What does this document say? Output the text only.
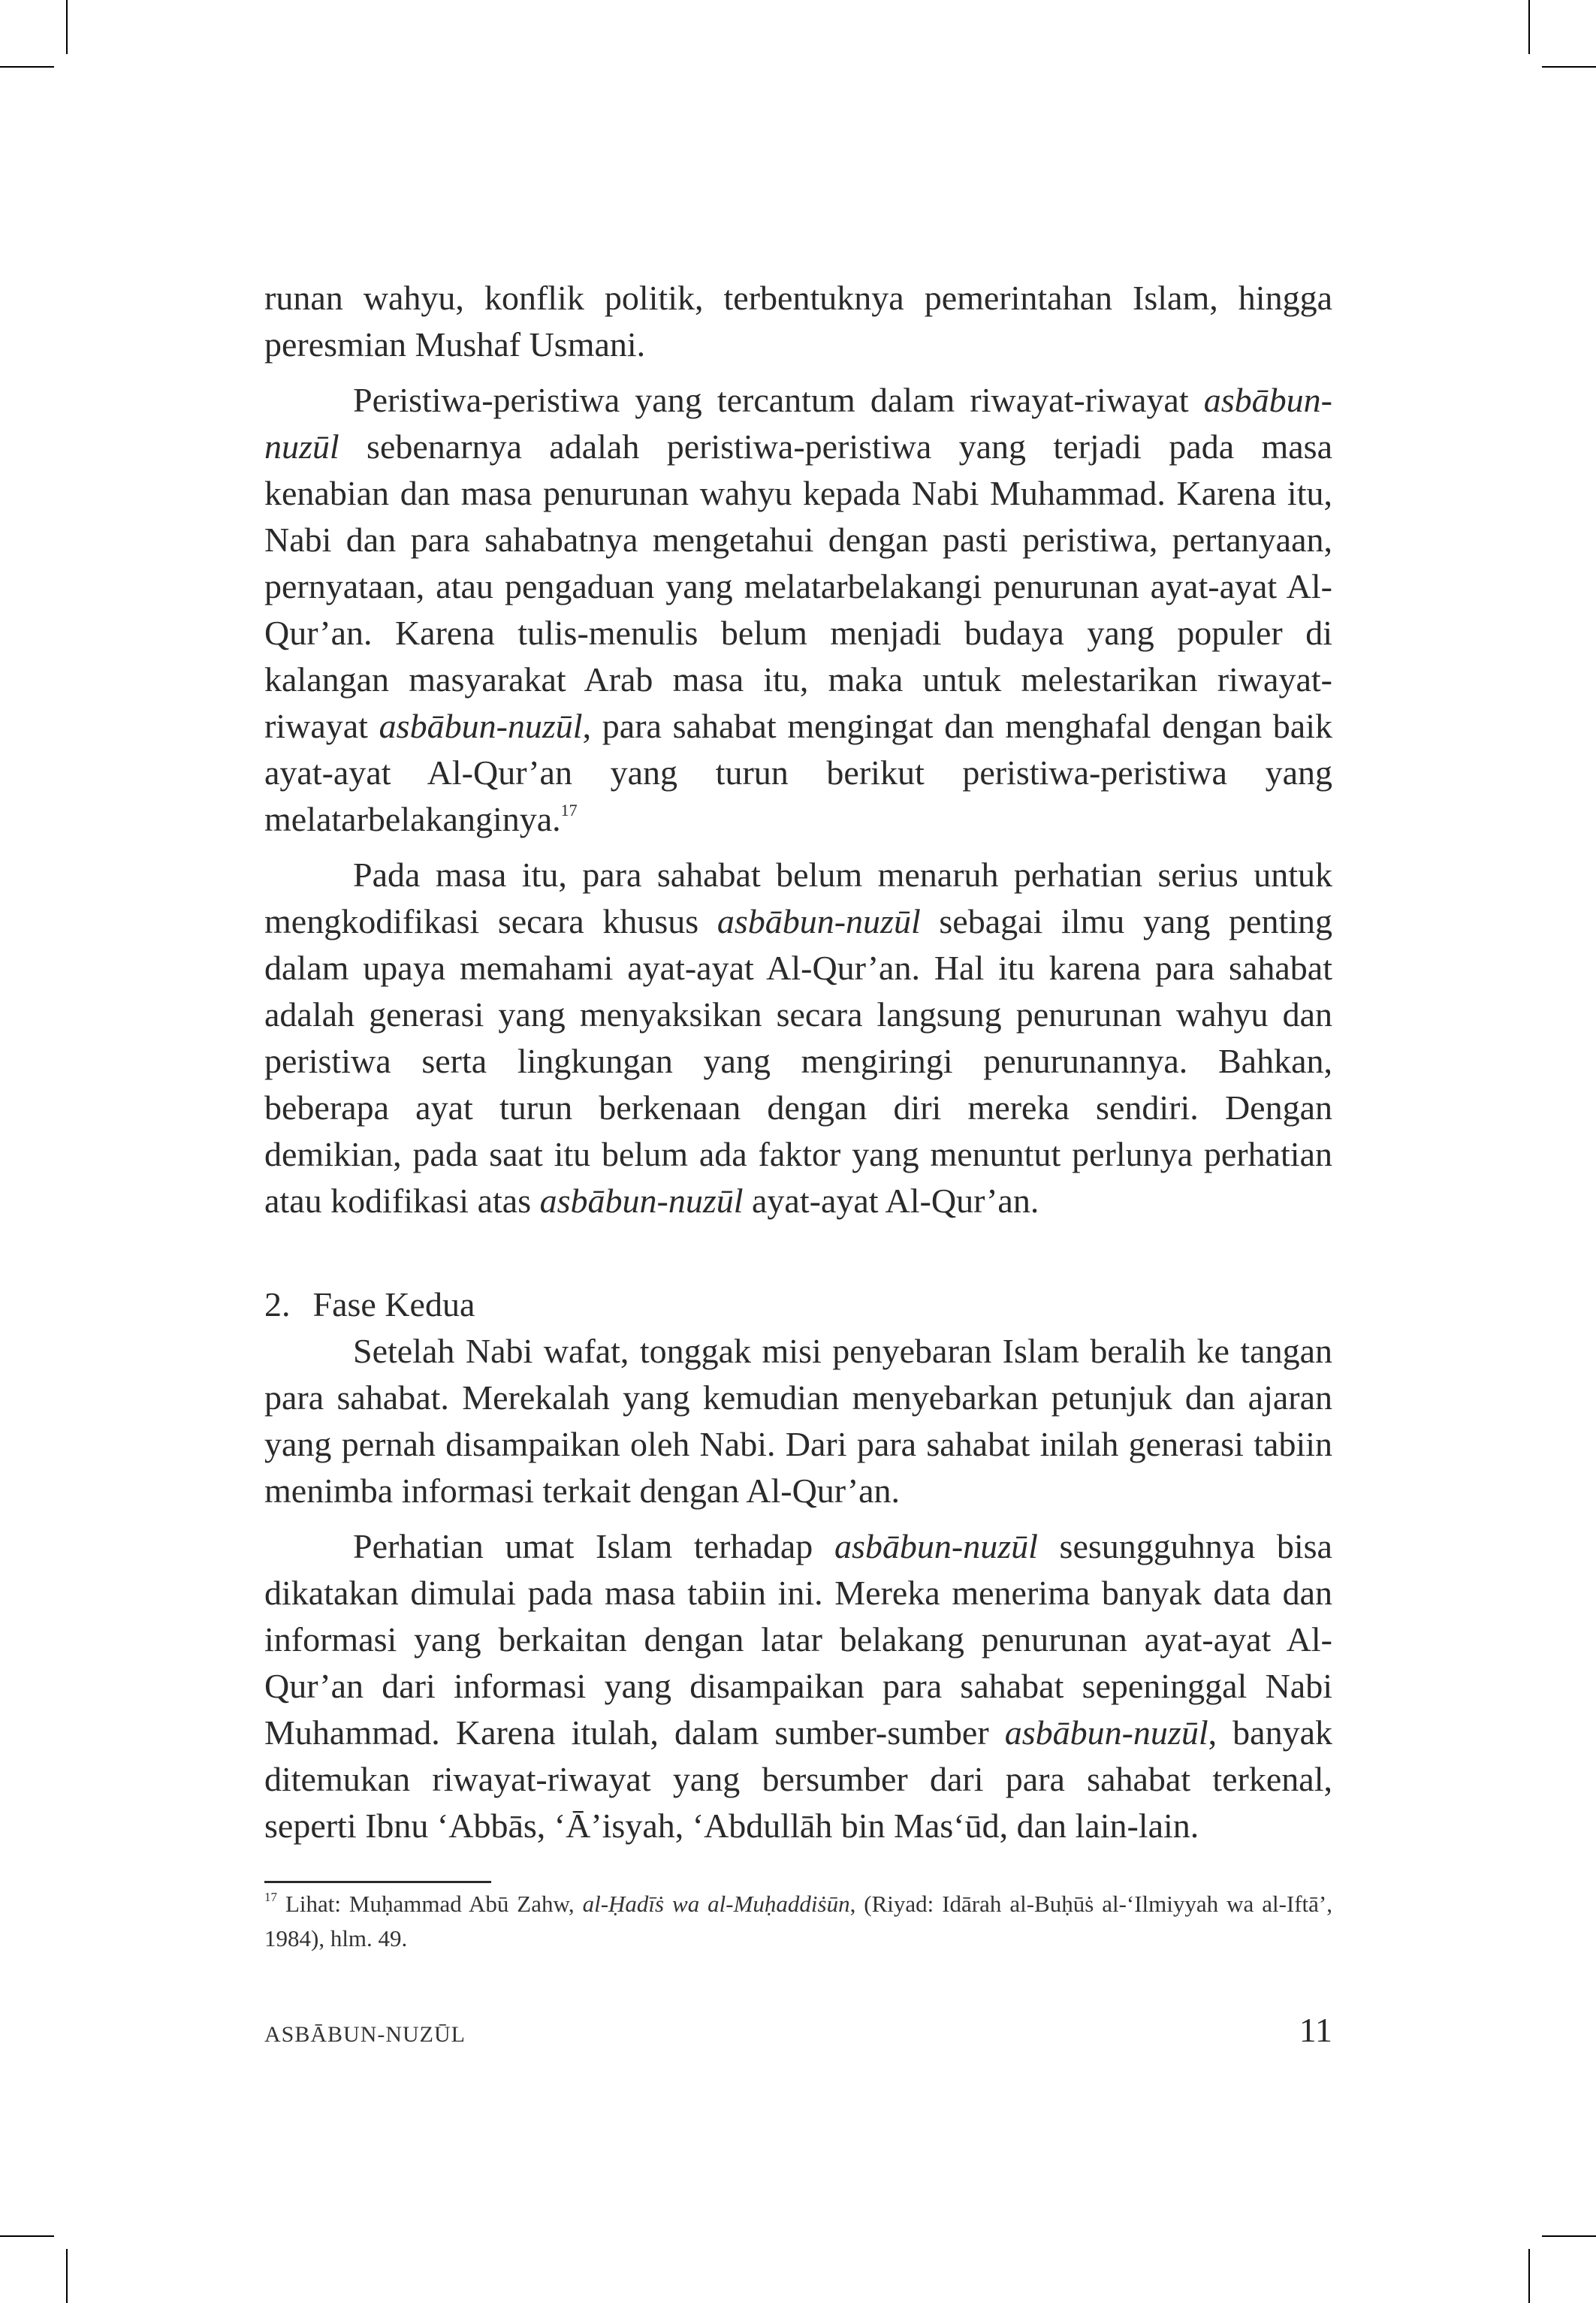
runan wahyu, konflik politik, terbentuknya pemerintahan Islam, hingga peresmian Mushaf Usmani.

Peristiwa-peristiwa yang tercantum dalam riwayat-riwayat asbābun-nuzūl sebenarnya adalah peristiwa-peristiwa yang terjadi pada masa kenabian dan masa penurunan wahyu kepada Nabi Muhammad. Karena itu, Nabi dan para sahabatnya mengetahui dengan pasti peristiwa, pertanyaan, pernyataan, atau pengaduan yang melatarbelakangi penurunan ayat-ayat Al-Qur’an. Karena tulis-menulis belum menjadi budaya yang populer di kalangan masyarakat Arab masa itu, maka untuk melestarikan riwayat-riwayat asbābun-nuzūl, para sahabat mengingat dan menghafal dengan baik ayat-ayat Al-Qur’an yang turun berikut peristiwa-peristiwa yang melatarbelakanginya.$^{17}$

Pada masa itu, para sahabat belum menaruh perhatian serius untuk mengkodifikasi secara khusus asbābun-nuzūl sebagai ilmu yang penting dalam upaya memahami ayat-ayat Al-Qur’an. Hal itu karena para sahabat adalah generasi yang menyaksikan secara langsung penurunan wahyu dan peristiwa serta lingkungan yang mengiringi penurunannya. Bahkan, beberapa ayat turun berkenaan dengan diri mereka sendiri. Dengan demikian, pada saat itu belum ada faktor yang menuntut perlunya perhatian atau kodifikasi atas asbābun-nuzūl ayat-ayat Al-Qur’an.

2. Fase Kedua

Setelah Nabi wafat, tonggak misi penyebaran Islam beralih ke tangan para sahabat. Merekalah yang kemudian menyebarkan petunjuk dan ajaran yang pernah disampaikan oleh Nabi. Dari para sahabat inilah generasi tabiin menimba informasi terkait dengan Al-Qur’an.

Perhatian umat Islam terhadap asbābun-nuzūl sesungguhnya bisa dikatakan dimulai pada masa tabiin ini. Mereka menerima banyak data dan informasi yang berkaitan dengan latar belakang penurunan ayat-ayat Al-Qur’an dari informasi yang disampaikan para sahabat sepeninggal Nabi Muhammad. Karena itulah, dalam sumber-sumber asbābun-nuzūl, banyak ditemukan riwayat-riwayat yang bersumber dari para sahabat terkenal, seperti Ibnu ‘Abbās, ‘Ā’isyah, ‘Abdullāh bin Mas‘ūd, dan lain-lain.

$^{17}$ Lihat: Muḥammad Abū Zahw, al-Ḥadīṡ wa al-Muḥaddiṡūn, (Riyad: Idārah al-Buḥūṡ al-‘Ilmiyyah wa al-Iftā’, 1984), hlm. 49.
ASBĀBUN-NUZŪL	11
